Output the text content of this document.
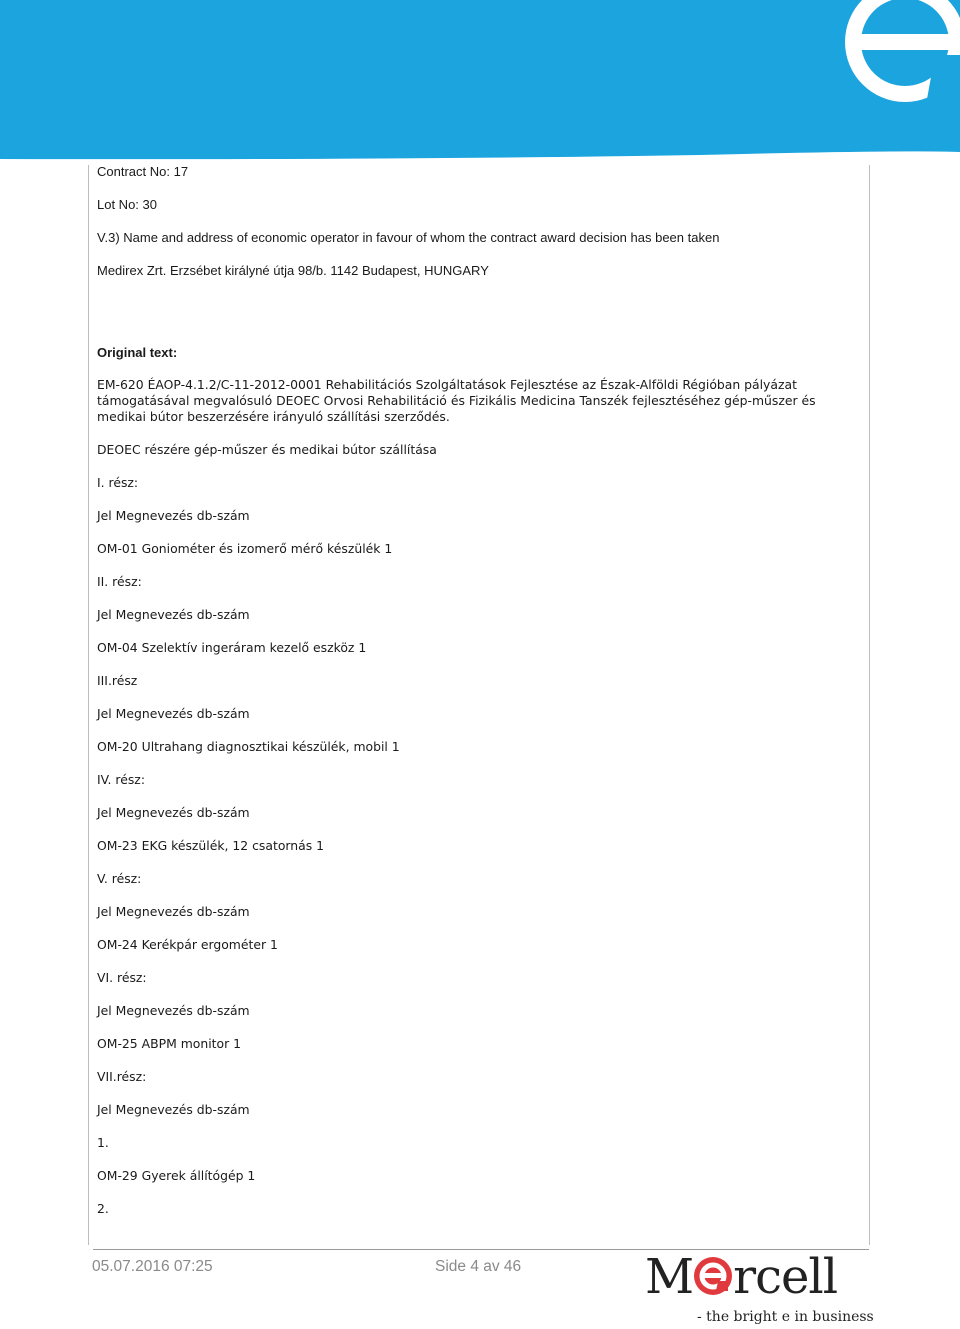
Contract No: 17

Lot No: 30

V.3) Name and address of economic operator in favour of whom the contract award decision has been taken

Medirex Zrt. Erzsébet királyné útja 98/b. 1142 Budapest, HUNGARY

Original text:

EM-620 ÉAOP-4.1.2/C-11-2012-0001 Rehabilitációs Szolgáltatások Fejlesztése az Észak-Alföldi Régióban pályázat támogatásával megvalósuló DEOEC Orvosi Rehabilitáció és Fizikális Medicina Tanszék fejlesztéséhez gép-műszer és medikai bútor beszerzésére irányuló szállítási szerződés.

DEOEC részére gép-műszer és medikai bútor szállítása

I. rész:

Jel Megnevezés db-szám

OM-01 Goniométer és izomerő mérő készülék 1

II. rész:

Jel Megnevezés db-szám

OM-04 Szelektív ingeráram kezelő eszköz 1

III.rész

Jel Megnevezés db-szám

OM-20 Ultrahang diagnosztikai készülék, mobil 1

IV. rész:

Jel Megnevezés db-szám

OM-23 EKG készülék, 12 csatornás 1

V. rész:

Jel Megnevezés db-szám

OM-24 Kerékpár ergométer 1

VI. rész:

Jel Megnevezés db-szám

OM-25 ABPM monitor 1

VII.rész:

Jel Megnevezés db-szám

1.

OM-29 Gyerek állítógép 1

2.

05.07.2016 07:25	Side 4 av 46	M rcell
- the bright e in business
